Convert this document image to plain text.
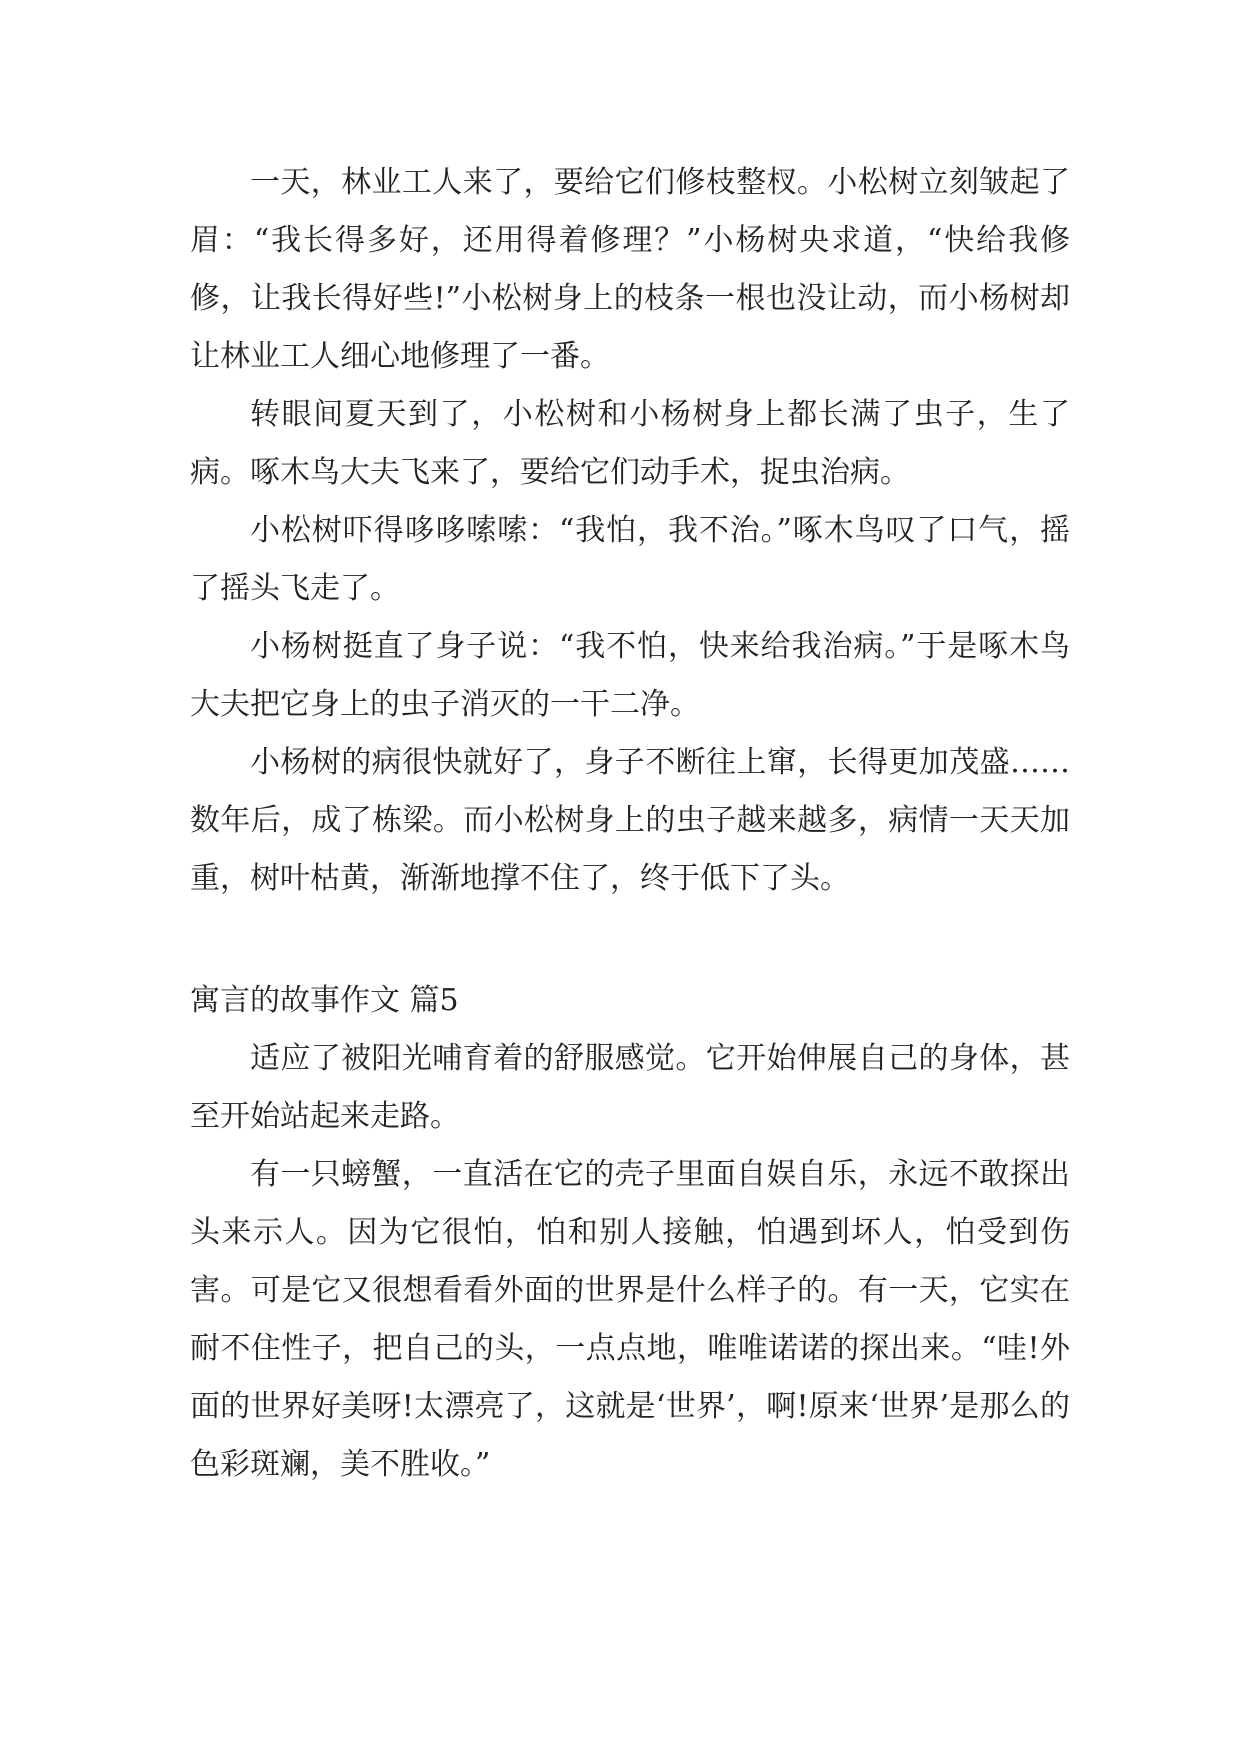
一天，林业工人来了，要给它们修枝整杈。小松树立刻皱起了眉：“我长得多好，还用得着修理？”小杨树央求道，“快给我修修，让我长得好些!”小松树身上的枝条一根也没让动，而小杨树却让林业工人细心地修理了一番。

转眼间夏天到了，小松树和小杨树身上都长满了虫子，生了病。啄木鸟大夫飞来了，要给它们动手术，捉虫治病。

小松树吓得哆哆嗦嗦：“我怕，我不治。”啄木鸟叹了口气，摇了摇头飞走了。

小杨树挺直了身子说：“我不怕，快来给我治病。”于是啄木鸟大夫把它身上的虫子消灭的一干二净。

小杨树的病很快就好了，身子不断往上窜，长得更加茂盛……数年后，成了栋梁。而小松树身上的虫子越来越多，病情一天天加重，树叶枯黄，渐渐地撑不住了，终于低下了头。

寓言的故事作文 篇5

适应了被阳光哺育着的舒服感觉。它开始伸展自己的身体，甚至开始站起来走路。

有一只螃蟹，一直活在它的壳子里面自娱自乐，永远不敢探出头来示人。因为它很怕，怕和别人接触，怕遇到坏人，怕受到伤害。可是它又很想看看外面的世界是什么样子的。有一天，它实在耐不住性子，把自己的头，一点点地，唯唯诺诺的探出来。“哇!外面的世界好美呀!太漂亮了，这就是‘世界’，啊!原来‘世界’是那么的色彩斑斓，美不胜收。”
